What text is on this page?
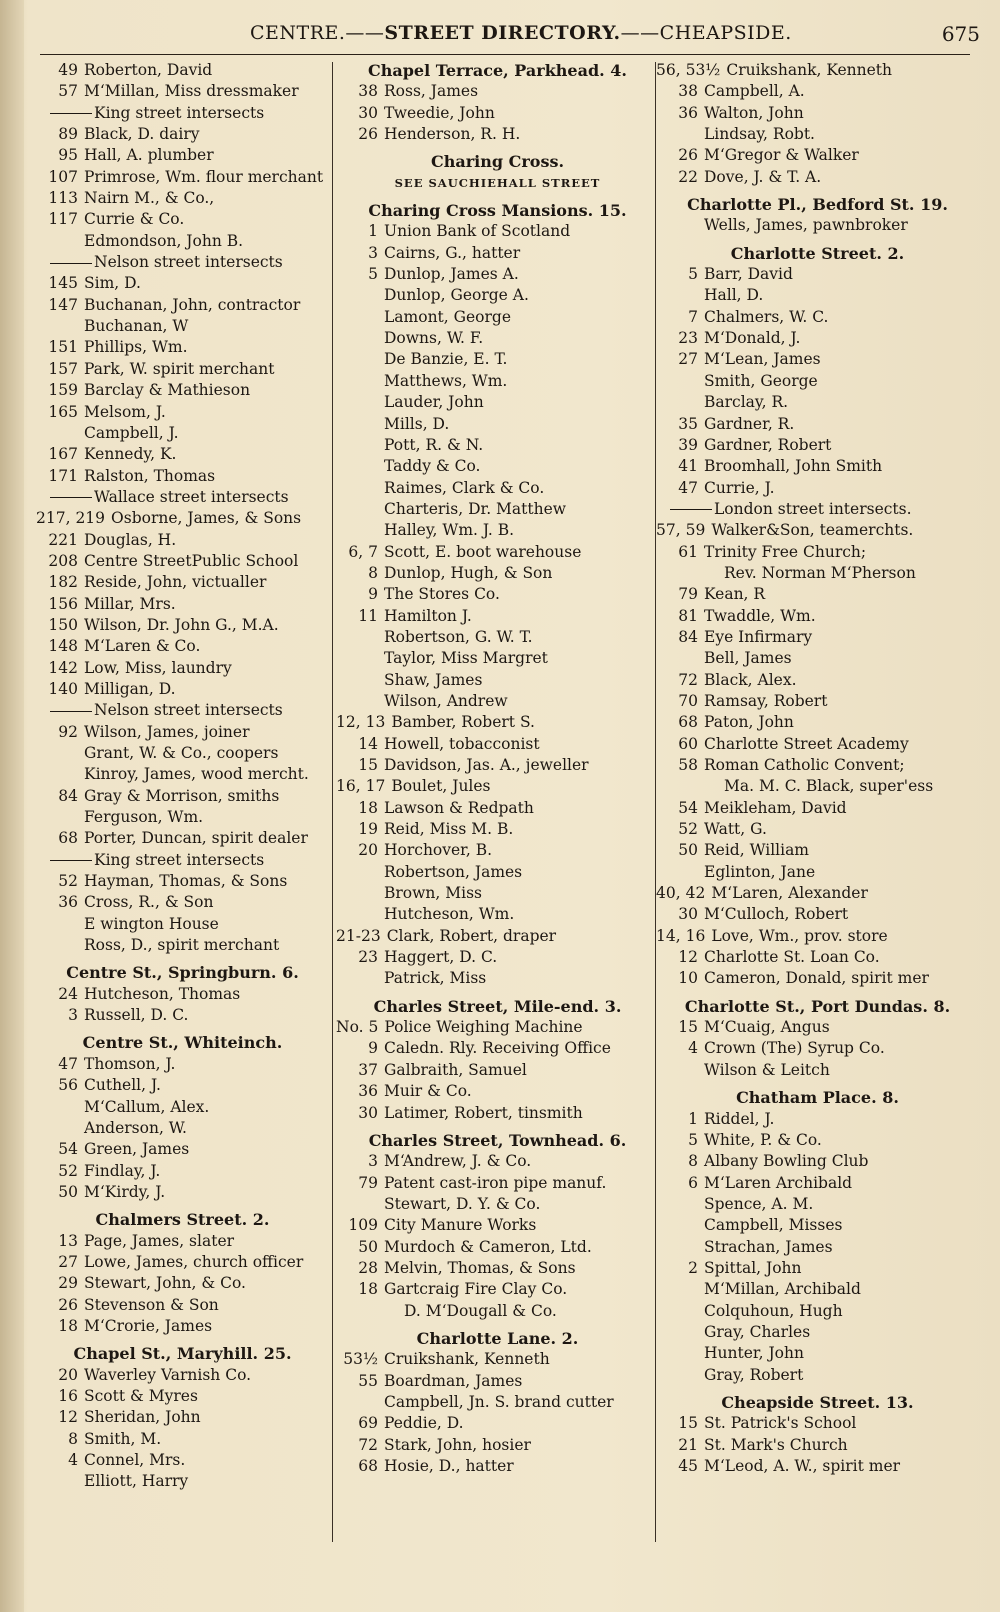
CENTRE.——STREET DIRECTORY.——CHEAPSIDE.	675
49 Roberton, David
57 M‘Millan, Miss dressmaker
King street intersects
89 Black, D. dairy
95 Hall, A. plumber
107 Primrose, Wm. flour merchant
113 Nairn M., & Co.,
117 Currie & Co.
Edmondson, John B.
Nelson street intersects
145 Sim, D.
147 Buchanan, John, contractor
Buchanan, W
151 Phillips, Wm.
157 Park, W. spirit merchant
159 Barclay & Mathieson
165 Melsom, J.
Campbell, J.
167 Kennedy, K.
171 Ralston, Thomas
Wallace street intersects
217, 219 Osborne, James, & Sons
221 Douglas, H.
208 Centre StreetPublic School
182 Reside, John, victualler
156 Millar, Mrs.
150 Wilson, Dr. John G., M.A.
148 M‘Laren & Co.
142 Low, Miss, laundry
140 Milligan, D.
Nelson street intersects
92 Wilson, James, joiner
Grant, W. & Co., coopers
Kinroy, James, wood mercht.
84 Gray & Morrison, smiths
Ferguson, Wm.
68 Porter, Duncan, spirit dealer
King street intersects
52 Hayman, Thomas, & Sons
36 Cross, R., & Son
E wington House
Ross, D., spirit merchant
Centre St., Springburn. 6.
24 Hutcheson, Thomas
3 Russell, D. C.
Centre St., Whiteinch.
47 Thomson, J.
56 Cuthell, J.
M‘Callum, Alex.
Anderson, W.
54 Green, James
52 Findlay, J.
50 M‘Kirdy, J.
Chalmers Street. 2.
13 Page, James, slater
27 Lowe, James, church officer
29 Stewart, John, & Co.
26 Stevenson & Son
18 M‘Crorie, James
Chapel St., Maryhill. 25.
20 Waverley Varnish Co.
16 Scott & Myres
12 Sheridan, John
8 Smith, M.
4 Connel, Mrs.
Elliott, Harry
Chapel Terrace, Parkhead. 4.
38 Ross, James
30 Tweedie, John
26 Henderson, R. H.
Charing Cross.
SEE SAUCHIEHALL STREET
Charing Cross Mansions. 15.
1 Union Bank of Scotland
3 Cairns, G., hatter
5 Dunlop, James A.
Dunlop, George A.
Lamont, George
Downs, W. F.
De Banzie, E. T.
Matthews, Wm.
Lauder, John
Mills, D.
Pott, R. & N.
Taddy & Co.
Raimes, Clark & Co.
Charteris, Dr. Matthew
Halley, Wm. J. B.
6, 7 Scott, E. boot warehouse
8 Dunlop, Hugh, & Son
9 The Stores Co.
11 Hamilton J.
Robertson, G. W. T.
Taylor, Miss Margret
Shaw, James
Wilson, Andrew
12, 13 Bamber, Robert S.
14 Howell, tobacconist
15 Davidson, Jas. A., jeweller
16, 17 Boulet, Jules
18 Lawson & Redpath
19 Reid, Miss M. B.
20 Horchover, B.
Robertson, James
Brown, Miss
Hutcheson, Wm.
21-23 Clark, Robert, draper
23 Haggert, D. C.
Patrick, Miss
Charles Street, Mile-end. 3.
No. 5 Police Weighing Machine
9 Caledn. Rly. Receiving Office
37 Galbraith, Samuel
36 Muir & Co.
30 Latimer, Robert, tinsmith
Charles Street, Townhead. 6.
3 M‘Andrew, J. & Co.
79 Patent cast-iron pipe manuf.
Stewart, D. Y. & Co.
109 City Manure Works
50 Murdoch & Cameron, Ltd.
28 Melvin, Thomas, & Sons
18 Gartcraig Fire Clay Co.
D. M‘Dougall & Co.
Charlotte Lane. 2.
53½ Cruikshank, Kenneth
55 Boardman, James
Campbell, Jn. S. brand cutter
69 Peddie, D.
72 Stark, John, hosier
68 Hosie, D., hatter
56, 53½ Cruikshank, Kenneth
38 Campbell, A.
36 Walton, John
Lindsay, Robt.
26 M‘Gregor & Walker
22 Dove, J. & T. A.
Charlotte Pl., Bedford St. 19.
Wells, James, pawnbroker
Charlotte Street. 2.
5 Barr, David
Hall, D.
7 Chalmers, W. C.
23 M‘Donald, J.
27 M‘Lean, James
Smith, George
Barclay, R.
35 Gardner, R.
39 Gardner, Robert
41 Broomhall, John Smith
47 Currie, J.
London street intersects.
57, 59 Walker&Son, teamerchts.
61 Trinity Free Church;
Rev. Norman M‘Pherson
79 Kean, R
81 Twaddle, Wm.
84 Eye Infirmary
Bell, James
72 Black, Alex.
70 Ramsay, Robert
68 Paton, John
60 Charlotte Street Academy
58 Roman Catholic Convent;
Ma. M. C. Black, super'ess
54 Meikleham, David
52 Watt, G.
50 Reid, William
Eglinton, Jane
40, 42 M‘Laren, Alexander
30 M‘Culloch, Robert
14, 16 Love, Wm., prov. store
12 Charlotte St. Loan Co.
10 Cameron, Donald, spirit mer
Charlotte St., Port Dundas. 8.
15 M‘Cuaig, Angus
4 Crown (The) Syrup Co.
Wilson & Leitch
Chatham Place. 8.
1 Riddel, J.
5 White, P. & Co.
8 Albany Bowling Club
6 M‘Laren Archibald
Spence, A. M.
Campbell, Misses
Strachan, James
2 Spittal, John
M‘Millan, Archibald
Colquhoun, Hugh
Gray, Charles
Hunter, John
Gray, Robert
Cheapside Street. 13.
15 St. Patrick's School
21 St. Mark's Church
45 M‘Leod, A. W., spirit mer
